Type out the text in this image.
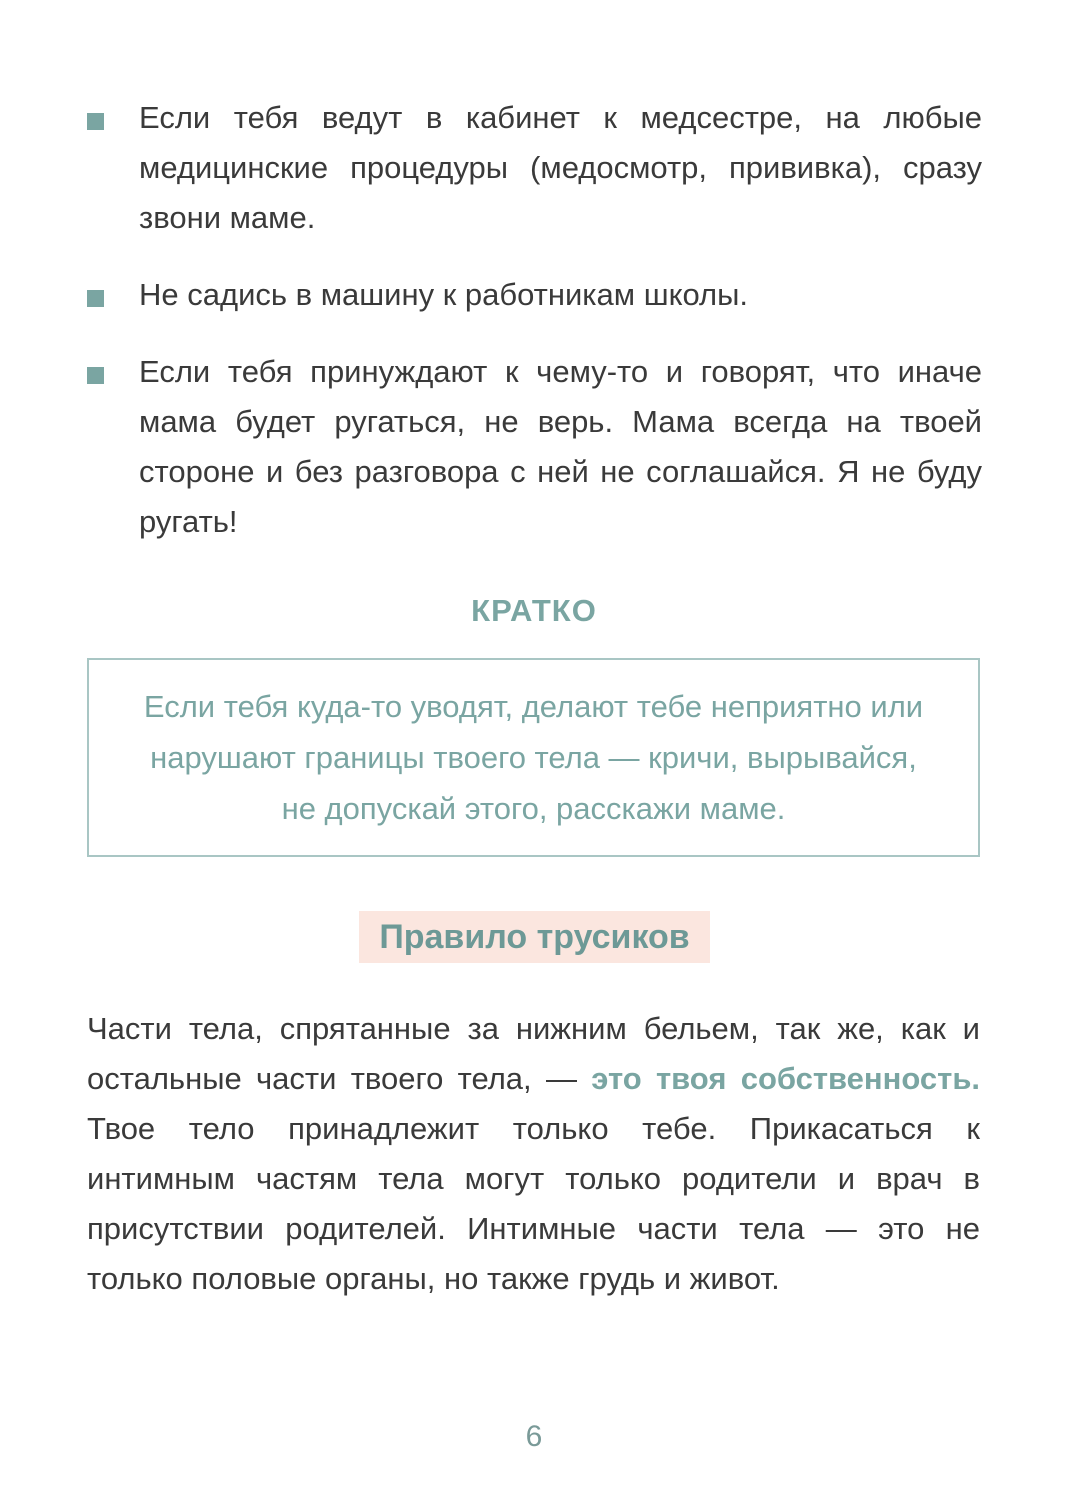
Если тебя ведут в кабинет к медсестре, на любые медицинские процедуры (медосмотр, прививка), сразу звони маме.
Не садись в машину к работникам школы.
Если тебя принуждают к чему-то и говорят, что иначе мама будет ругаться, не верь. Мама всегда на твоей стороне и без разговора с ней не соглашайся. Я не буду ругать!
КРАТКО
Если тебя куда-то уводят, делают тебе неприятно или нарушают границы твоего тела — кричи, вырывайся, не допускай этого, расскажи маме.
Правило трусиков

Части тела, спрятанные за нижним бельем, так же, как и остальные части твоего тела, — это твоя собственность. Твое тело принадлежит только тебе. Прикасаться к интимным частям тела могут только родители и врач в присутствии родителей. Интимные части тела — это не только половые органы, но также грудь и живот.

6
